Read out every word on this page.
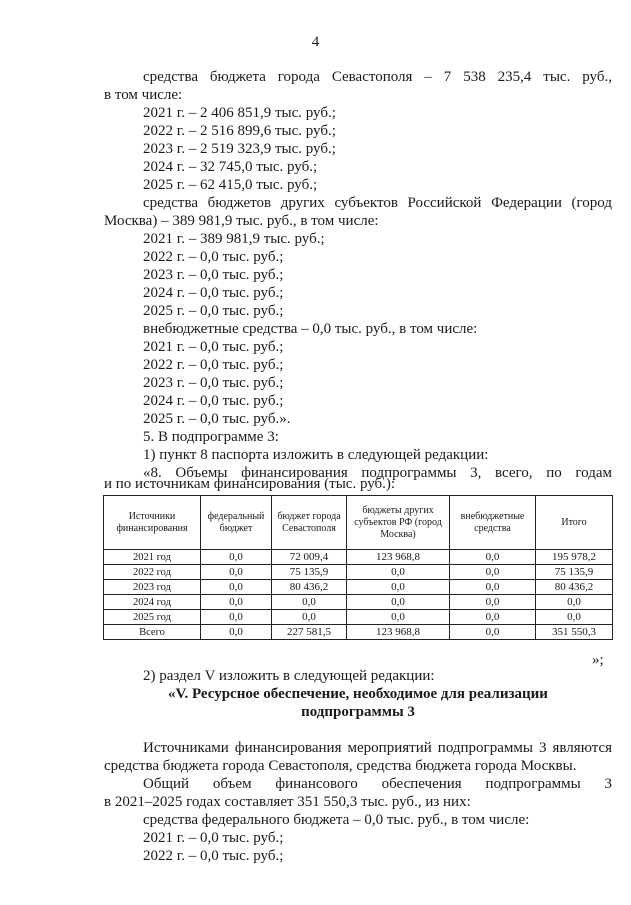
4
средства бюджета города Севастополя – 7 538 235,4 тыс. руб.,
в том числе:
2021 г. – 2 406 851,9 тыс. руб.;
2022 г. – 2 516 899,6 тыс. руб.;
2023 г. – 2 519 323,9 тыс. руб.;
2024 г. – 32 745,0 тыс. руб.;
2025 г. – 62 415,0 тыс. руб.;
средства бюджетов других субъектов Российской Федерации (город
Москва) – 389 981,9 тыс. руб., в том числе:
2021 г. – 389 981,9 тыс. руб.;
2022 г. – 0,0 тыс. руб.;
2023 г. – 0,0 тыс. руб.;
2024 г. – 0,0 тыс. руб.;
2025 г. – 0,0 тыс. руб.;
внебюджетные средства – 0,0 тыс. руб., в том числе:
2021 г. – 0,0 тыс. руб.;
2022 г. – 0,0 тыс. руб.;
2023 г. – 0,0 тыс. руб.;
2024 г. – 0,0 тыс. руб.;
2025 г. – 0,0 тыс. руб.».
5. В подпрограмме 3:
1) пункт 8 паспорта изложить в следующей редакции:
«8. Объемы финансирования подпрограммы 3, всего, по годам
и по источникам финансирования (тыс. руб.):
Источники финансирования	федеральный бюджет	бюджет города Севастополя	бюджеты других субъектов РФ (город Москва)	внебюджетные средства	Итого
2021 год	0,0	72 009,4	123 968,8	0,0	195 978,2
2022 год	0,0	75 135,9	0,0	0,0	75 135,9
2023 год	0,0	80 436,2	0,0	0,0	80 436,2
2024 год	0,0	0,0	0,0	0,0	0,0
2025 год	0,0	0,0	0,0	0,0	0,0
Всего	0,0	227 581,5	123 968,8	0,0	351 550,3
»;
2) раздел V изложить в следующей редакции:
«V. Ресурсное обеспечение, необходимое для реализации
подпрограммы 3
Источниками финансирования мероприятий подпрограммы 3 являются
средства бюджета города Севастополя, средства бюджета города Москвы.
Общий объем финансового обеспечения подпрограммы 3
в 2021–2025 годах составляет 351 550,3 тыс. руб., из них:
средства федерального бюджета – 0,0 тыс. руб., в том числе:
2021 г. – 0,0 тыс. руб.;
2022 г. – 0,0 тыс. руб.;
